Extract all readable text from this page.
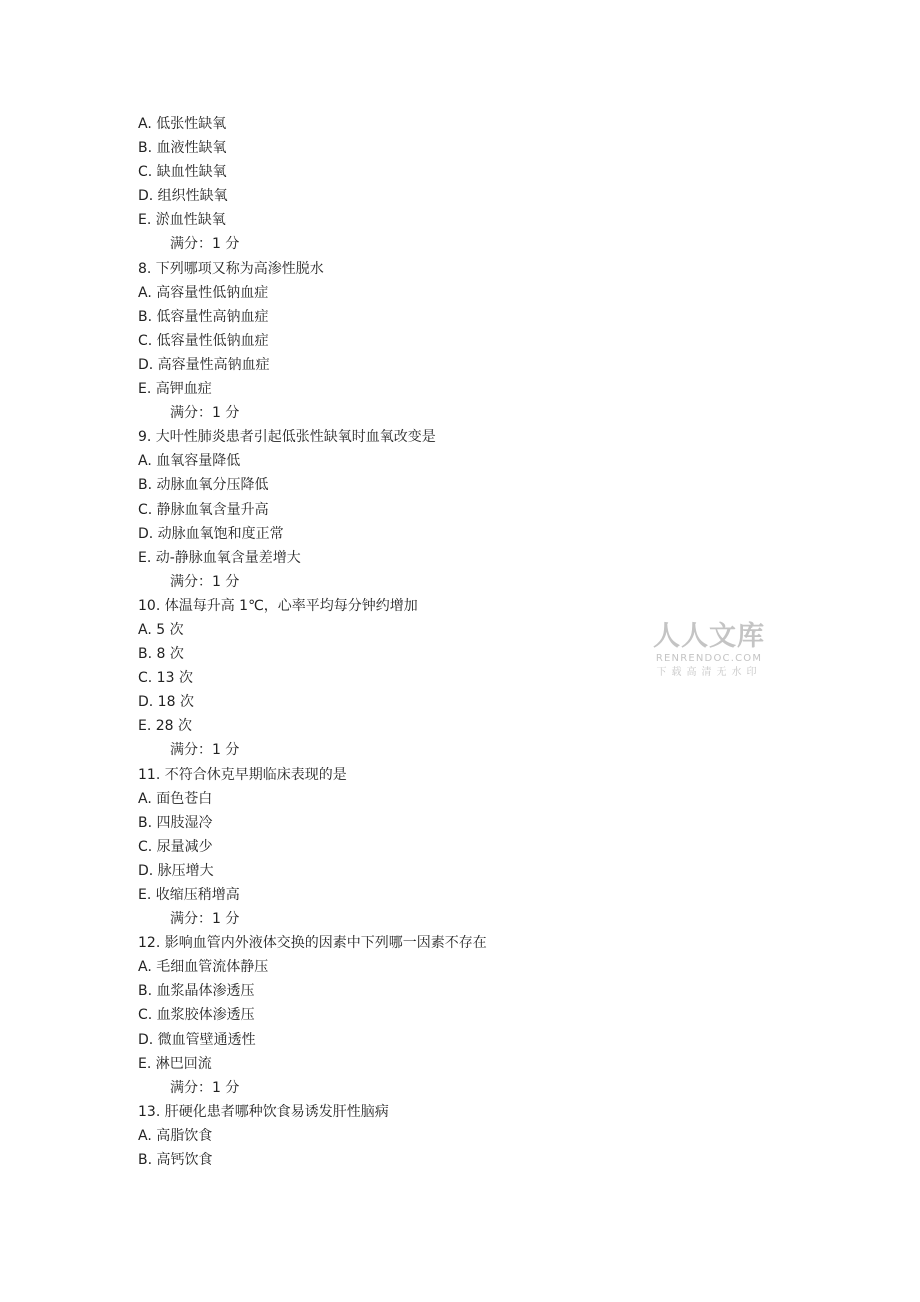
A. 低张性缺氧
B. 血液性缺氧
C. 缺血性缺氧
D. 组织性缺氧
E. 淤血性缺氧
满分：1 分
8. 下列哪项又称为高渗性脱水
A. 高容量性低钠血症
B. 低容量性高钠血症
C. 低容量性低钠血症
D. 高容量性高钠血症
E. 高钾血症
满分：1 分
9. 大叶性肺炎患者引起低张性缺氧时血氧改变是
A. 血氧容量降低
B. 动脉血氧分压降低
C. 静脉血氧含量升高
D. 动脉血氧饱和度正常
E. 动-静脉血氧含量差增大
满分：1 分
10. 体温每升高 1℃，心率平均每分钟约增加
A. 5 次
B. 8 次
C. 13 次
D. 18 次
E. 28 次
满分：1 分
11. 不符合休克早期临床表现的是
A. 面色苍白
B. 四肢湿冷
C. 尿量减少
D. 脉压增大
E. 收缩压稍增高
满分：1 分
12. 影响血管内外液体交换的因素中下列哪一因素不存在
A. 毛细血管流体静压
B. 血浆晶体渗透压
C. 血浆胶体渗透压
D. 微血管壁通透性
E. 淋巴回流
满分：1 分
13. 肝硬化患者哪种饮食易诱发肝性脑病
A. 高脂饮食
B. 高钙饮食
人人文库
RENRENDOC.COM
下载高清无水印
